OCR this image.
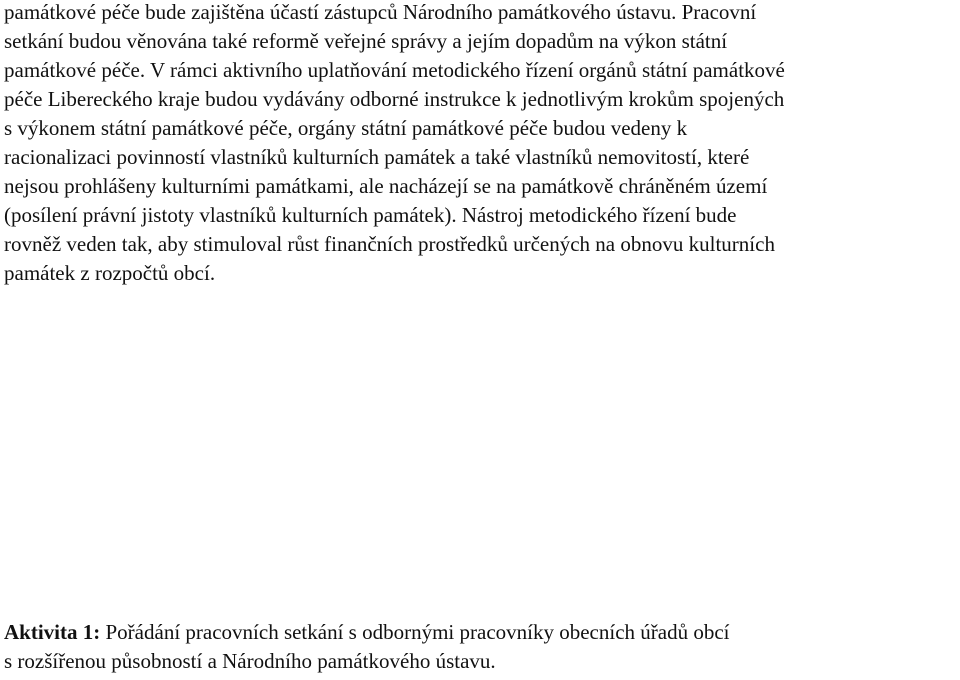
památkové péče bude zajištěna účastí zástupců Národního památkového ústavu. Pracovní
setkání budou věnována také reformě veřejné správy a jejím dopadům na výkon státní
památkové péče. V rámci aktivního uplatňování metodického řízení orgánů státní památkové
péče Libereckého kraje budou vydávány odborné instrukce k jednotlivým krokům spojených
s výkonem státní památkové péče, orgány státní památkové péče budou vedeny k
racionalizaci povinností vlastníků kulturních památek a také vlastníků nemovitostí, které
nejsou prohlášeny kulturními památkami, ale nacházejí se na památkově chráněném území
(posílení právní jistoty vlastníků kulturních památek). Nástroj metodického řízení bude
rovněž veden tak, aby stimuloval růst finančních prostředků určených na obnovu kulturních
památek z rozpočtů obcí.

Aktivita 1: Pořádání pracovních setkání s odbornými pracovníky obecních úřadů obcí
s rozšířenou působností a Národního památkového ústavu.
